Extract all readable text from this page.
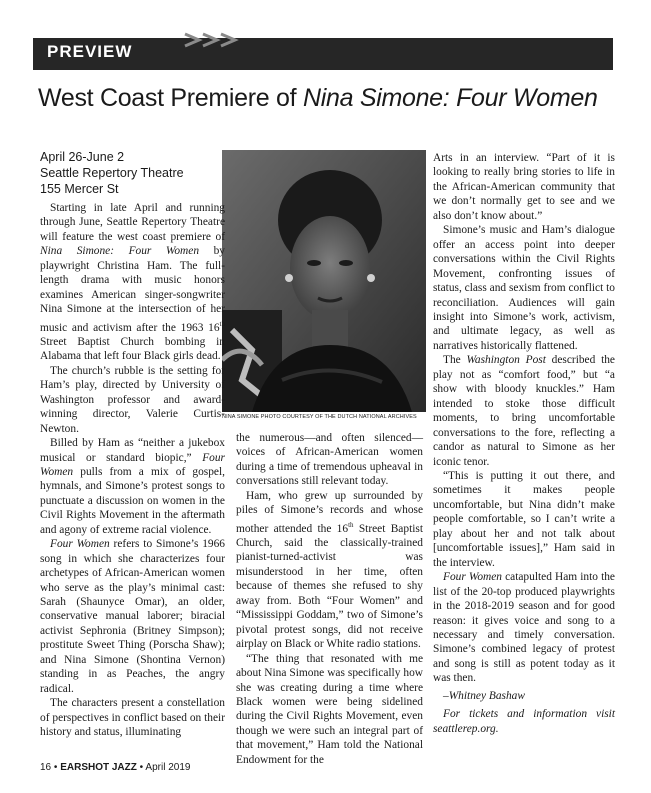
PREVIEW
West Coast Premiere of Nina Simone: Four Women
April 26-June 2
Seattle Repertory Theatre
155 Mercer St
NINA SIMONE PHOTO COURTESY OF THE DUTCH NATIONAL ARCHIVES

Starting in late April and running through June, Seattle Repertory Theatre will feature the west coast premiere of Nina Simone: Four Women by playwright Christina Ham. The full-length drama with music honors examines American singer-songwriter Nina Simone at the intersection of her music and activism after the 1963 16th Street Baptist Church bombing in Alabama that left four Black girls dead.

The church’s rubble is the setting for Ham’s play, directed by University of Washington professor and award-winning director, Valerie Curtis-Newton.

Billed by Ham as “neither a jukebox musical or standard biopic,” Four Women pulls from a mix of gospel, hymnals, and Simone’s protest songs to punctuate a discussion on women in the Civil Rights Movement in the aftermath and agony of extreme racial violence.

Four Women refers to Simone’s 1966 song in which she characterizes four archetypes of African-American women who serve as the play’s minimal cast: Sarah (Shaunyce Omar), an older, conservative manual laborer; biracial activist Sephronia (Britney Simpson); prostitute Sweet Thing (Porscha Shaw); and Nina Simone (Shontina Vernon) standing in as Peaches, the angry radical.

The characters present a constellation of perspectives in conflict based on their history and status, illuminating

the numerous—and often silenced—voices of African-American women during a time of tremendous upheaval in conversations still relevant today.

Ham, who grew up surrounded by piles of Simone’s records and whose mother attended the 16th Street Baptist Church, said the classically-trained pianist-turned-activist was misunderstood in her time, often because of themes she refused to shy away from. Both “Four Women” and “Mississippi Goddam,” two of Simone’s pivotal protest songs, did not receive airplay on Black or White radio stations.

“The thing that resonated with me about Nina Simone was specifically how she was creating during a time where Black women were being sidelined during the Civil Rights Movement, even though we were such an integral part of that movement,” Ham told the National Endowment for the

Arts in an interview. “Part of it is looking to really bring stories to life in the African-American community that we don’t normally get to see and we also don’t know about.”

Simone’s music and Ham’s dialogue offer an access point into deeper conversations within the Civil Rights Movement, confronting issues of status, class and sexism from conflict to reconciliation. Audiences will gain insight into Simone’s work, activism, and ultimate legacy, as well as narratives historically flattened.

The Washington Post described the play not as “comfort food,” but “a show with bloody knuckles.” Ham intended to stoke those difficult moments, to bring uncomfortable conversations to the fore, reflecting a candor as natural to Simone as her iconic tenor.

“This is putting it out there, and sometimes it makes people uncomfortable, but Nina didn’t make people comfortable, so I can’t write a play about her and not talk about [uncomfortable issues],” Ham said in the interview.

Four Women catapulted Ham into the list of the 20-top produced playwrights in the 2018-2019 season and for good reason: it gives voice and song to a necessary and timely conversation. Simone’s combined legacy of protest and song is still as potent today as it was then.

–Whitney Bashaw

For tickets and information visit seattlerep.org.

16 • EARSHOT JAZZ • April 2019
